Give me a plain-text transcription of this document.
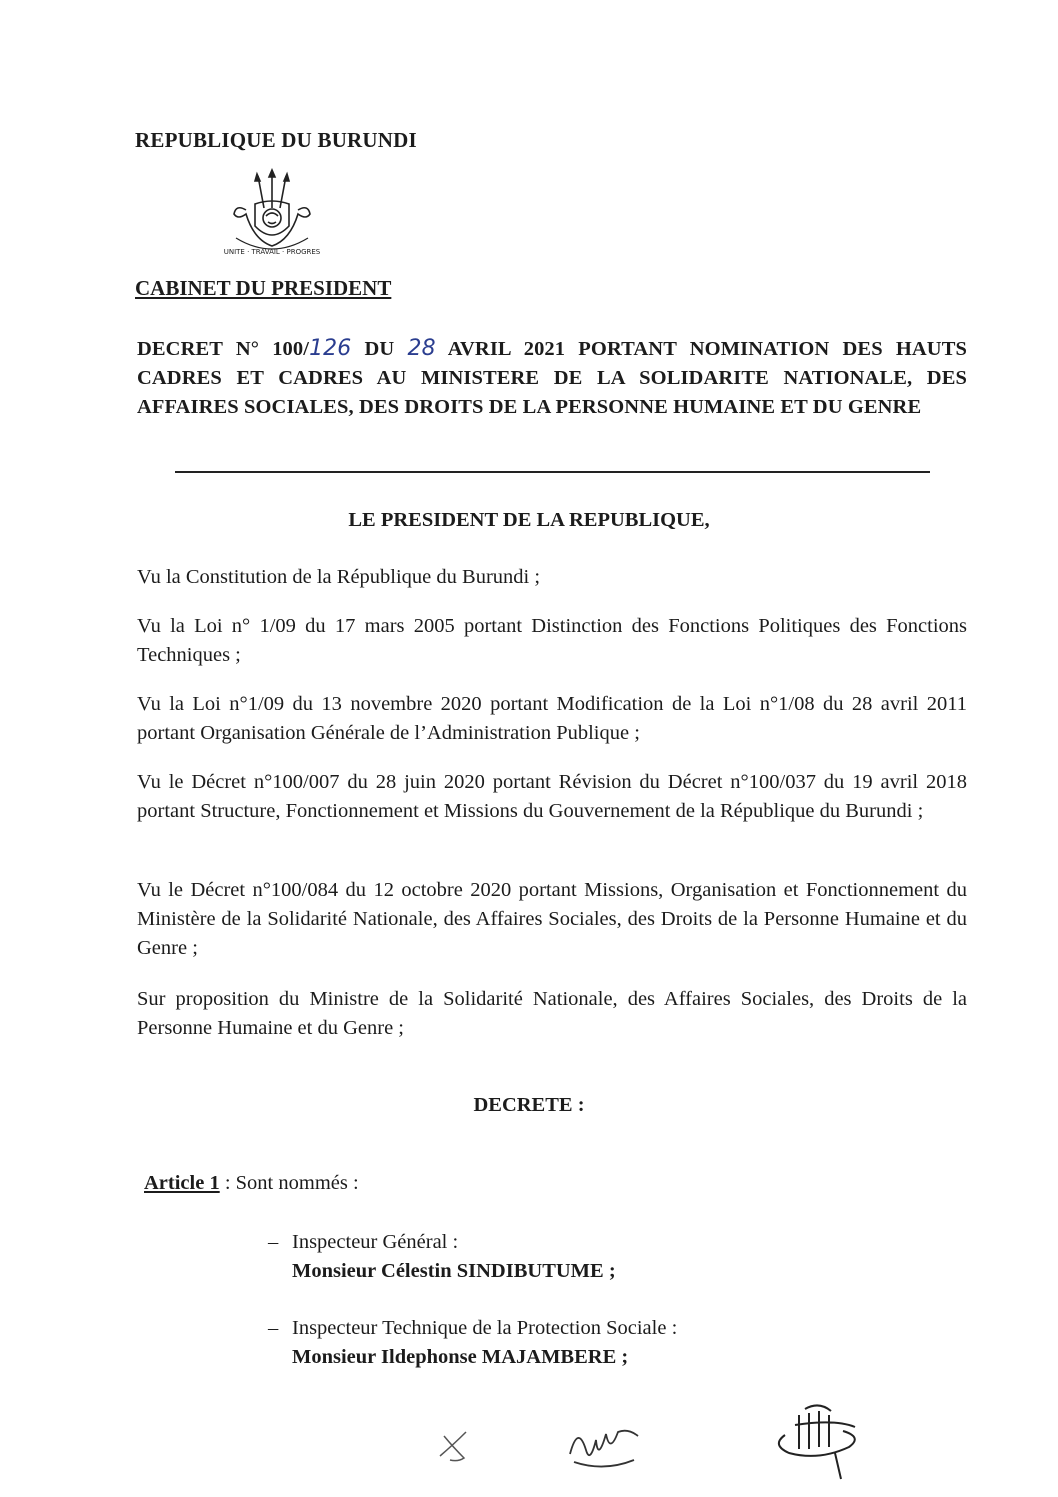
REPUBLIQUE DU BURUNDI
UNITE · TRAVAIL · PROGRES
CABINET DU PRESIDENT
DECRET N° 100/126 DU 28 AVRIL 2021 PORTANT NOMINATION DES HAUTS CADRES ET CADRES AU MINISTERE DE LA SOLIDARITE NATIONALE, DES AFFAIRES SOCIALES, DES DROITS DE LA PERSONNE HUMAINE ET DU GENRE
LE PRESIDENT DE LA REPUBLIQUE,
Vu la Constitution de la République du Burundi ;
Vu la Loi n° 1/09 du 17 mars 2005 portant Distinction des Fonctions Politiques des Fonctions Techniques ;
Vu la Loi n°1/09 du 13 novembre 2020 portant Modification de la Loi n°1/08 du 28 avril 2011 portant Organisation Générale de l’Administration Publique ;
Vu le Décret n°100/007 du 28 juin 2020 portant Révision du Décret n°100/037 du 19 avril 2018 portant Structure, Fonctionnement et Missions du Gouvernement de la République du Burundi ;
Vu le Décret n°100/084 du 12 octobre 2020 portant Missions, Organisation et Fonctionnement du Ministère de la Solidarité Nationale, des Affaires Sociales, des Droits de la Personne Humaine et du Genre ;
Sur proposition du Ministre de la Solidarité Nationale, des Affaires Sociales, des Droits de la Personne Humaine et du Genre ;
DECRETE :
Article 1 : Sont nommés :
– Inspecteur Général :
Monsieur Célestin SINDIBUTUME ;
– Inspecteur Technique de la Protection Sociale :
Monsieur Ildephonse MAJAMBERE ;
